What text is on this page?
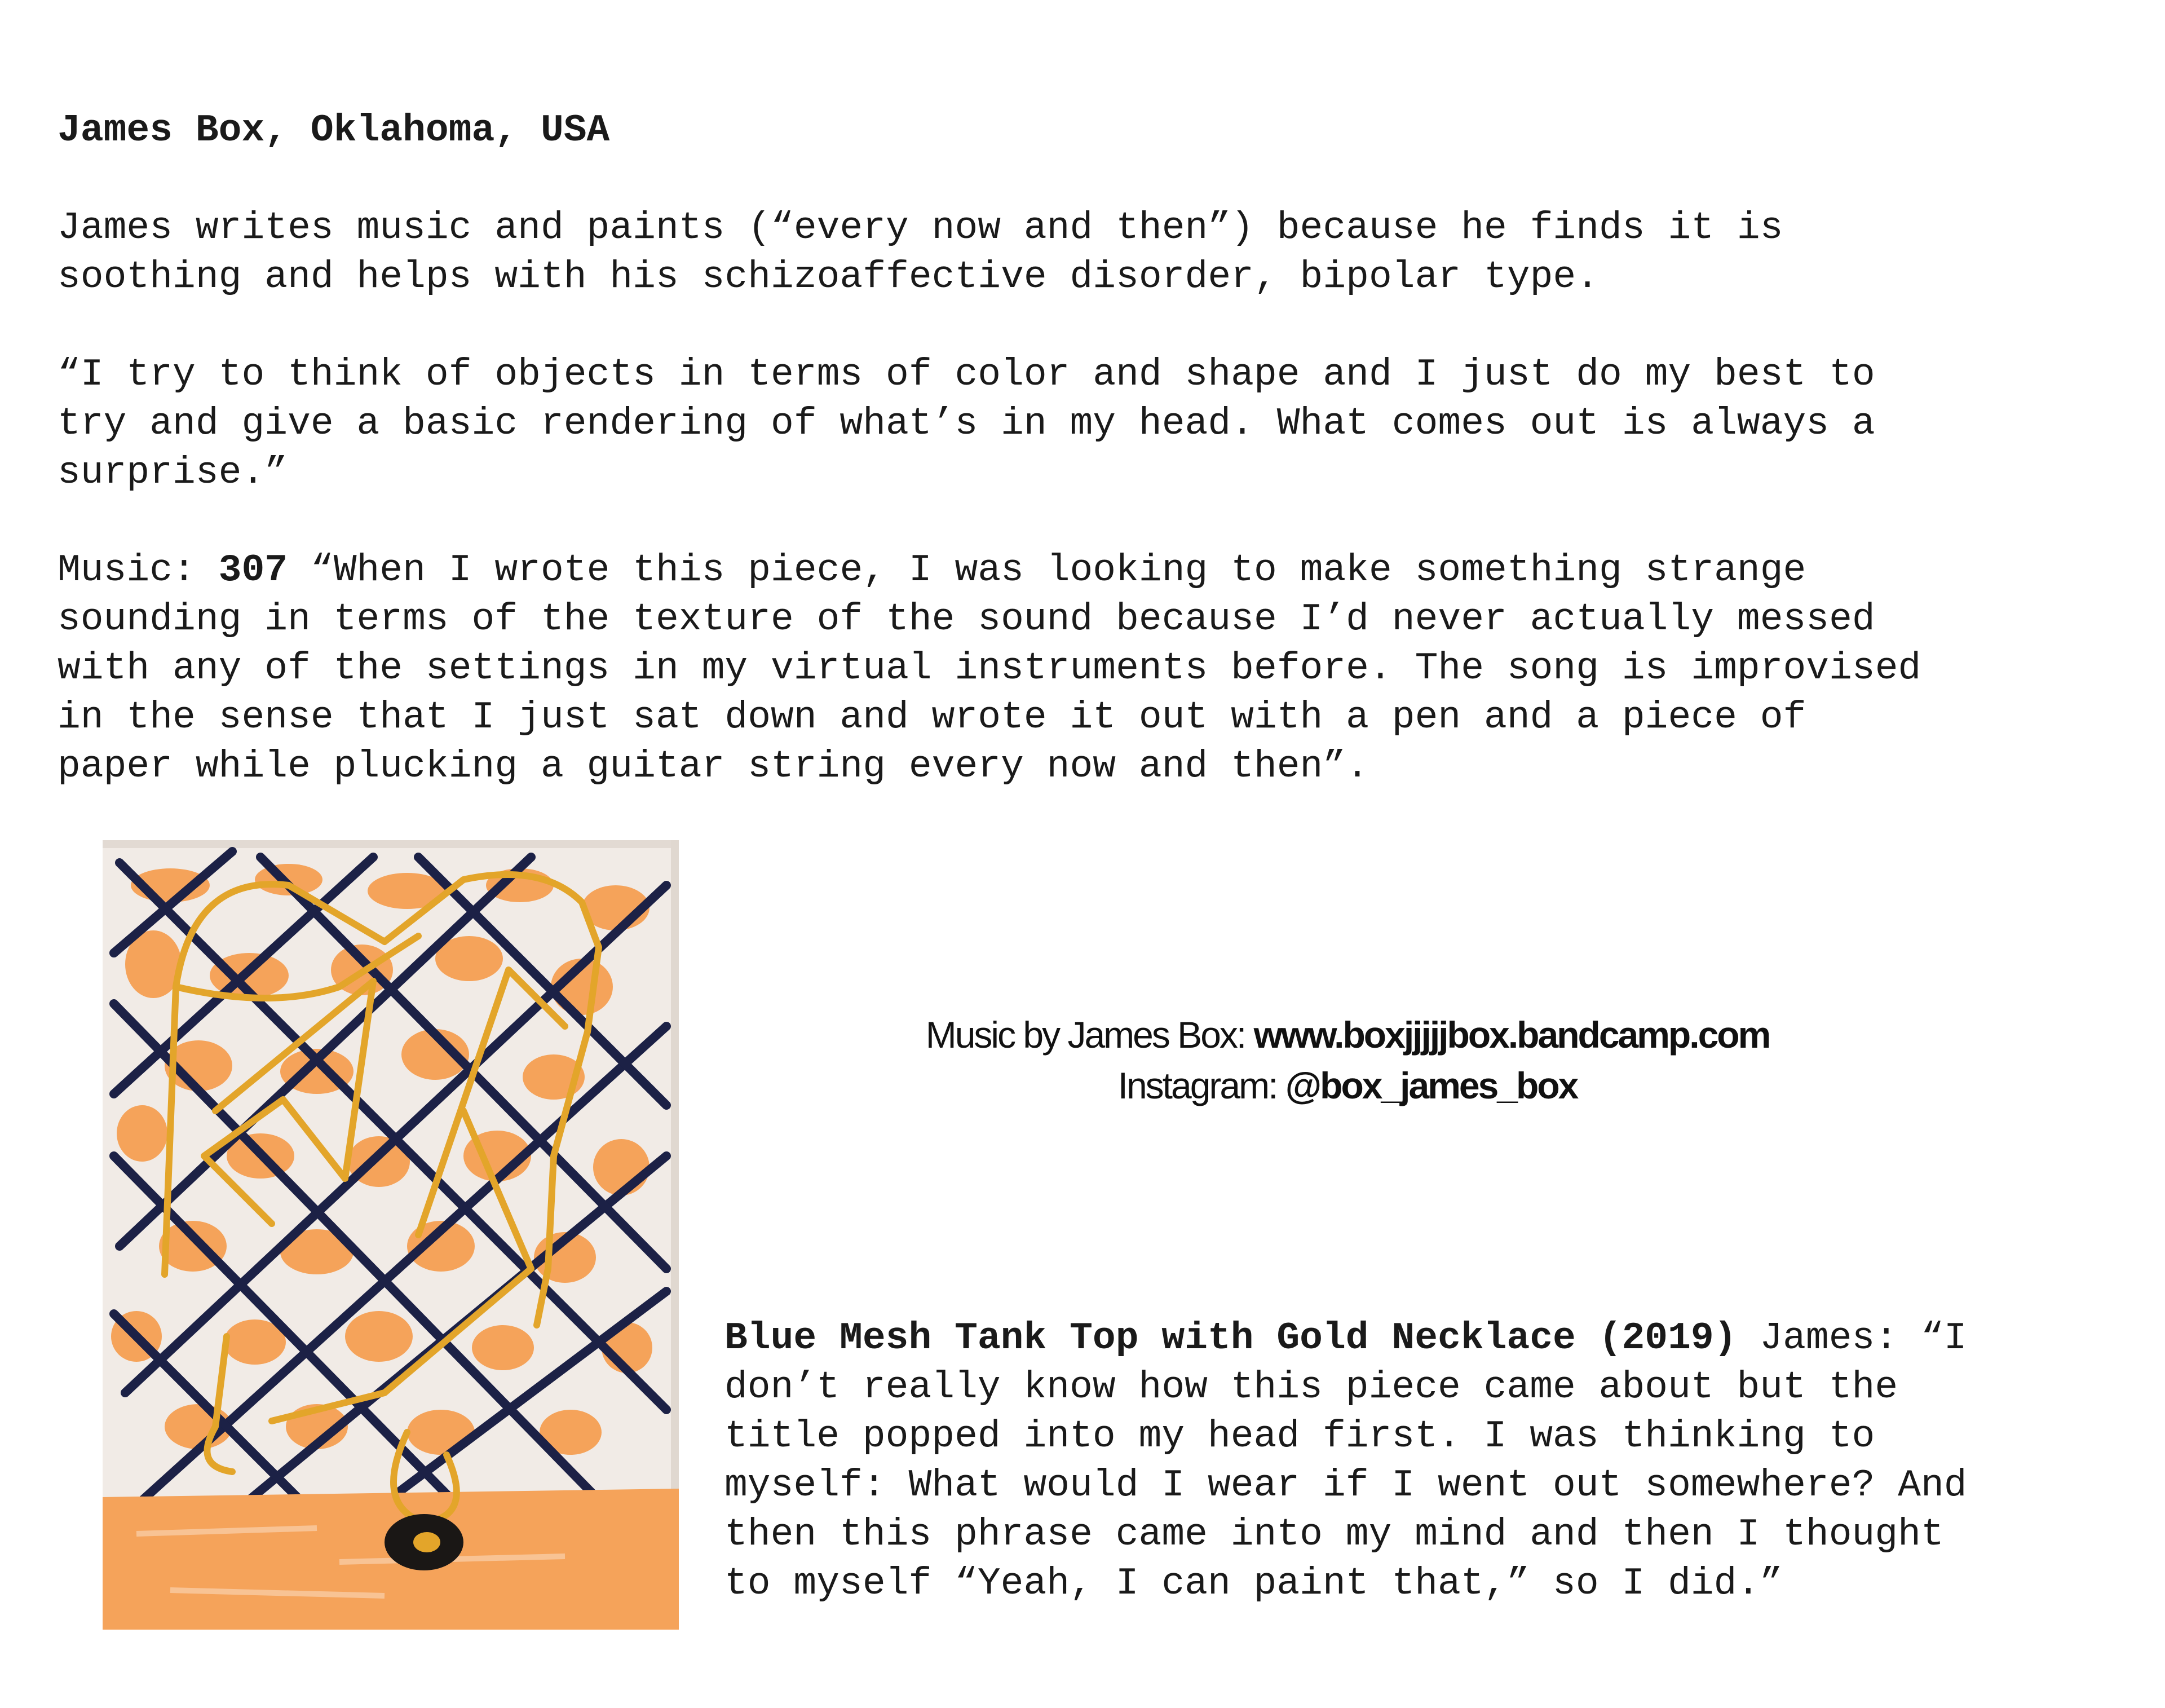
James Box, Oklahoma, USA

James writes music and paints (“every now and then”) because he finds it is
soothing and helps with his schizoaffective disorder, bipolar type.

“I try to think of objects in terms of color and shape and I just do my best to
try and give a basic rendering of what’s in my head. What comes out is always a
surprise.”

Music: 307 “When I wrote this piece, I was looking to make something strange
sounding in terms of the texture of the sound because I’d never actually messed
with any of the settings in my virtual instruments before. The song is improvised
in the sense that I just sat down and wrote it out with a pen and a piece of
paper while plucking a guitar string every now and then”.

Music by James Box: www.boxjjjjjbox.bandcamp.com
Instagram: @box_james_box

Blue Mesh Tank Top with Gold Necklace (2019) James: “I
don’t really know how this piece came about but the
title popped into my head first. I was thinking to
myself: What would I wear if I went out somewhere? And
then this phrase came into my mind and then I thought
to myself “Yeah, I can paint that,” so I did.”
